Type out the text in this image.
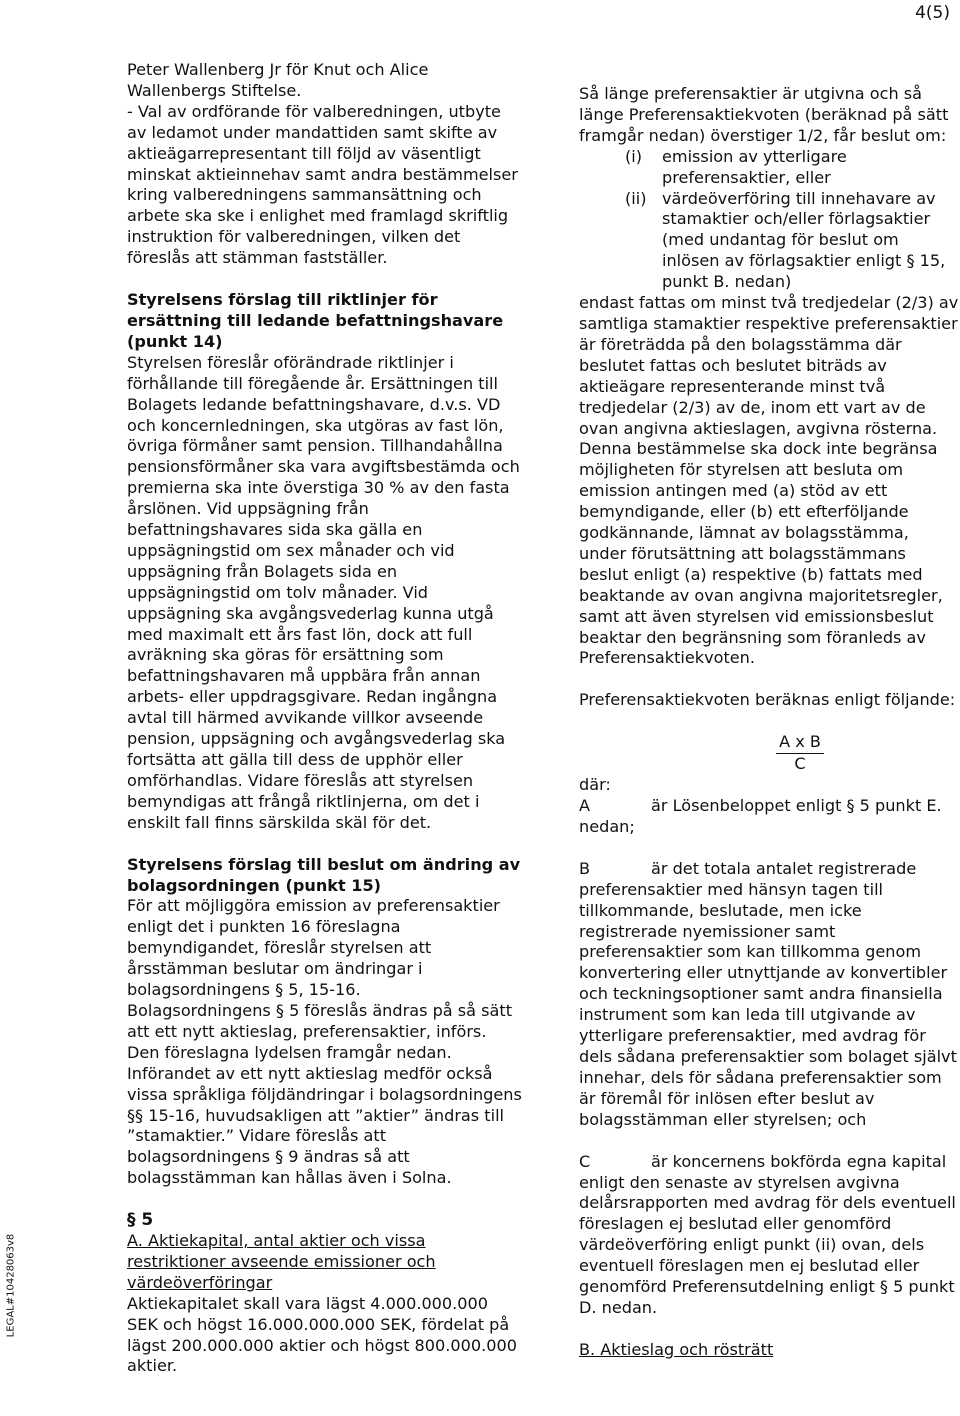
4(5)
LEGAL#10428063v8

Peter Wallenberg Jr för Knut och Alice Wallenbergs Stiftelse.

- Val av ordförande för valberedningen, utbyte av ledamot under mandattiden samt skifte av aktieägarrepresentant till följd av väsentligt minskat aktieinnehav samt andra bestämmelser kring valberedningens sammansättning och arbete ska ske i enlighet med framlagd skriftlig instruktion för valberedningen, vilken det föreslås att stämman fastställer.

Styrelsens förslag till riktlinjer för ersättning till ledande befattningshavare (punkt 14)

Styrelsen föreslår oförändrade riktlinjer i förhållande till föregående år. Ersättningen till Bolagets ledande befattningshavare, d.v.s. VD och koncernledningen, ska utgöras av fast lön, övriga förmåner samt pension. Tillhandahållna pensionsförmåner ska vara avgiftsbestämda och premierna ska inte överstiga 30 % av den fasta årslönen. Vid uppsägning från befattningshavares sida ska gälla en uppsägningstid om sex månader och vid uppsägning från Bolagets sida en uppsägningstid om tolv månader. Vid uppsägning ska avgångsvederlag kunna utgå med maximalt ett års fast lön, dock att full avräkning ska göras för ersättning som befattningshavaren må uppbära från annan arbets- eller uppdragsgivare. Redan ingångna avtal till härmed avvikande villkor avseende pension, uppsägning och avgångsvederlag ska fortsätta att gälla till dess de upphör eller omförhandlas. Vidare föreslås att styrelsen bemyndigas att frångå riktlinjerna, om det i enskilt fall finns särskilda skäl för det.

Styrelsens förslag till beslut om ändring av bolagsordningen (punkt 15)

För att möjliggöra emission av preferensaktier enligt det i punkten 16 föreslagna bemyndigandet, föreslår styrelsen att årsstämman beslutar om ändringar i bolagsordningens § 5, 15-16.

Bolagsordningens § 5 föreslås ändras på så sätt att ett nytt aktieslag, preferensaktier, införs. Den föreslagna lydelsen framgår nedan. Införandet av ett nytt aktieslag medför också vissa språkliga följdändringar i bolagsordningens §§ 15-16, huvudsakligen att ”aktier” ändras till ”stamaktier.” Vidare föreslås att bolagsordningens § 9 ändras så att bolagsstämman kan hållas även i Solna.

§ 5

A. Aktiekapital, antal aktier och vissa restriktioner avseende emissioner och värdeöverföringar

Aktiekapitalet skall vara lägst 4.000.000.000 SEK och högst 16.000.000.000 SEK, fördelat på lägst 200.000.000 aktier och högst 800.000.000 aktier.

Så länge preferensaktier är utgivna och så länge Preferensaktiekvoten (beräknad på sätt framgår nedan) överstiger 1/2, får beslut om:

(i) emission av ytterligare preferensaktier, eller
(ii) värdeöverföring till innehavare av stamaktier och/eller förlagsaktier (med undantag för beslut om inlösen av förlagsaktier enligt § 15, punkt B. nedan)

endast fattas om minst två tredjedelar (2/3) av samtliga stamaktier respektive preferensaktier är företrädda på den bolagsstämma där beslutet fattas och beslutet biträds av aktieägare representerande minst två tredjedelar (2/3) av de, inom ett vart av de ovan angivna aktieslagen, avgivna rösterna. Denna bestämmelse ska dock inte begränsa möjligheten för styrelsen att besluta om emission antingen med (a) stöd av ett bemyndigande, eller (b) ett efterföljande godkännande, lämnat av bolagsstämma, under förutsättning att bolagsstämmans beslut enligt (a) respektive (b) fattats med beaktande av ovan angivna majoritetsregler, samt att även styrelsen vid emissionsbeslut beaktar den begränsning som föranleds av Preferensaktiekvoten.

Preferensaktiekvoten beräknas enligt följande:

A x B
C

där:

A	är Lösenbeloppet enligt § 5 punkt E. nedan;
B	är det totala antalet registrerade preferensaktier med hänsyn tagen till tillkommande, beslutade, men icke registrerade nyemissioner samt preferensaktier som kan tillkomma genom konvertering eller utnyttjande av konvertibler och teckningsoptioner samt andra finansiella instrument som kan leda till utgivande av ytterligare preferensaktier, med avdrag för dels sådana preferensaktier som bolaget självt innehar, dels för sådana preferensaktier som är föremål för inlösen efter beslut av bolagsstämman eller styrelsen; och
C	är koncernens bokförda egna kapital enligt den senaste av styrelsen avgivna delårsrapporten med avdrag för dels eventuell föreslagen ej beslutad eller genomförd värdeöverföring enligt punkt (ii) ovan, dels eventuell föreslagen men ej beslutad eller genomförd Preferensutdelning enligt § 5 punkt D. nedan.

B. Aktieslag och rösträtt
